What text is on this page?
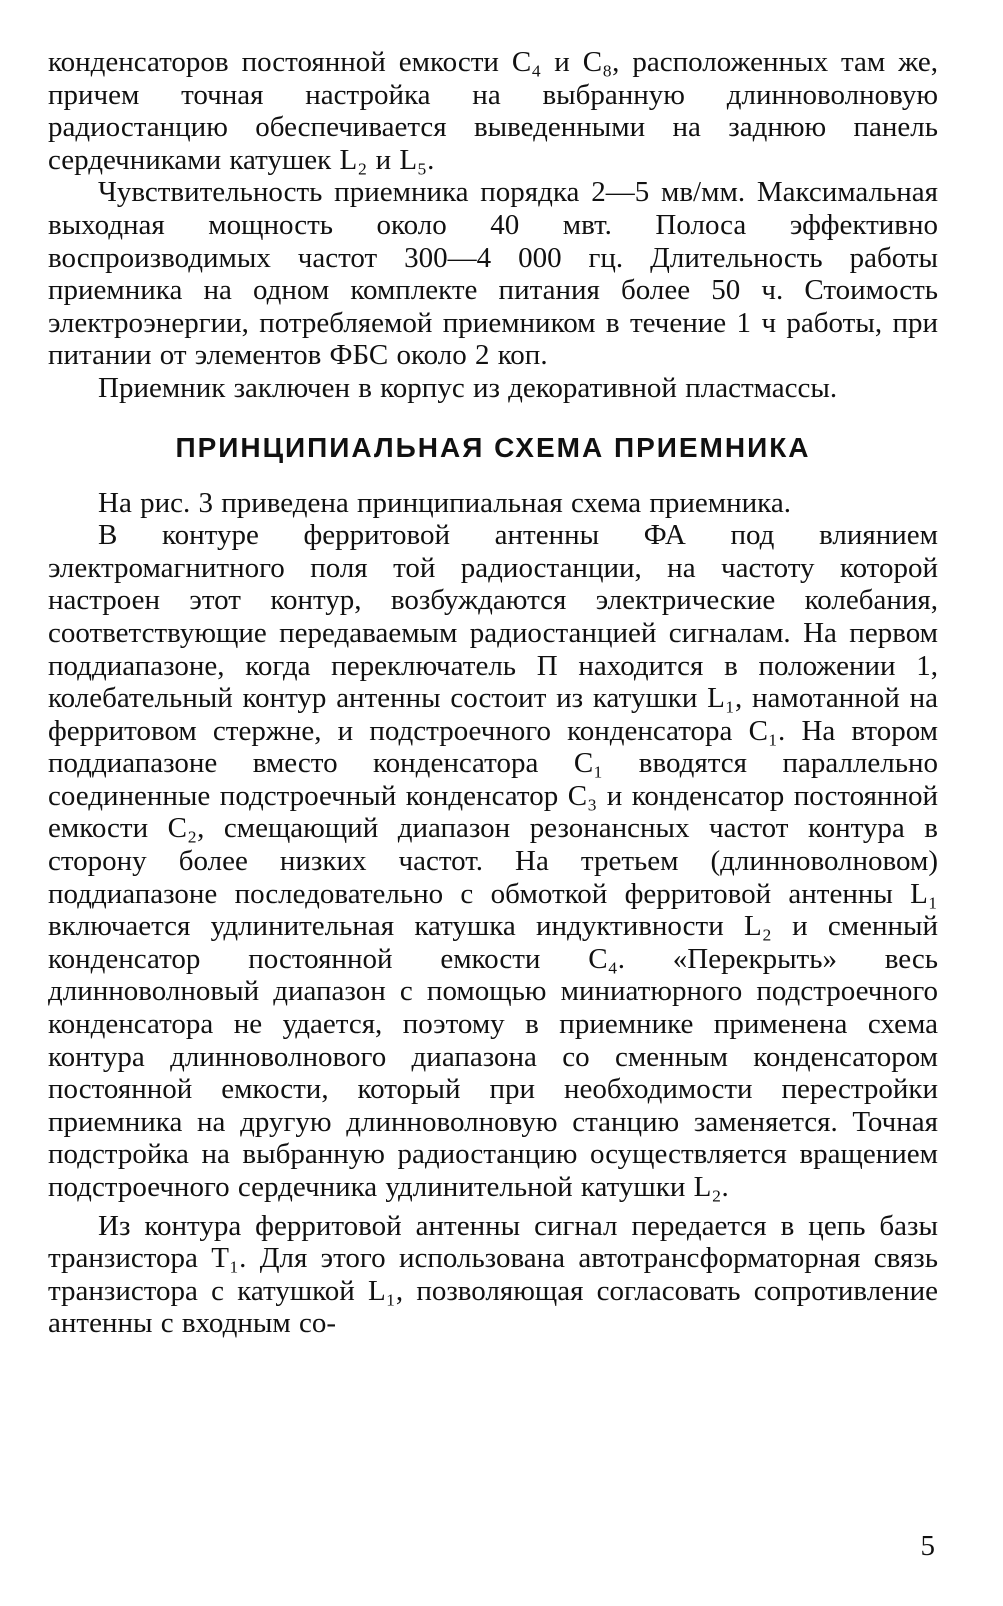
конденсаторов постоянной емкости C₄ и C₈, расположенных там же, причем точная настройка на выбранную длинноволновую радиостанцию обеспечивается выведенными на заднюю панель сердечниками катушек L₂ и L₅.

Чувствительность приемника порядка 2—5 мв/мм. Максимальная выходная мощность около 40 мвт. Полоса эффективно воспроизводимых частот 300—4 000 гц. Длительность работы приемника на одном комплекте питания более 50 ч. Стоимость электроэнергии, потребляемой приемником в течение 1 ч работы, при питании от элементов ФБС около 2 коп.

Приемник заключен в корпус из декоративной пластмассы.

ПРИНЦИПИАЛЬНАЯ СХЕМА ПРИЕМНИКА

На рис. 3 приведена принципиальная схема приемника.

В контуре ферритовой антенны ФА под влиянием электромагнитного поля той радиостанции, на частоту которой настроен этот контур, возбуждаются электрические колебания, соответствующие передаваемым радиостанцией сигналам. На первом поддиапазоне, когда переключатель П находится в положении 1, колебательный контур антенны состоит из катушки L₁, намотанной на ферритовом стержне, и подстроечного конденсатора C₁. На втором поддиапазоне вместо конденсатора C₁ вводятся параллельно соединенные подстроечный конденсатор C₃ и конденсатор постоянной емкости C₂, смещающий диапазон резонансных частот контура в сторону более низких частот. На третьем (длинноволновом) поддиапазоне последовательно с обмоткой ферритовой антенны L₁ включается удлинительная катушка индуктивности L₂ и сменный конденсатор постоянной емкости C₄. «Перекрыть» весь длинноволновый диапазон с помощью миниатюрного подстроечного конденсатора не удается, поэтому в приемнике применена схема контура длинноволнового диапазона со сменным конденсатором постоянной емкости, который при необходимости перестройки приемника на другую длинноволновую станцию заменяется. Точная подстройка на выбранную радиостанцию осуществляется вращением подстроечного сердечника удлинительной катушки L₂.

Из контура ферритовой антенны сигнал передается в цепь базы транзистора T₁. Для этого использована автотрансформаторная связь транзистора с катушкой L₁, позволяющая согласовать сопротивление антенны с входным со-

5
